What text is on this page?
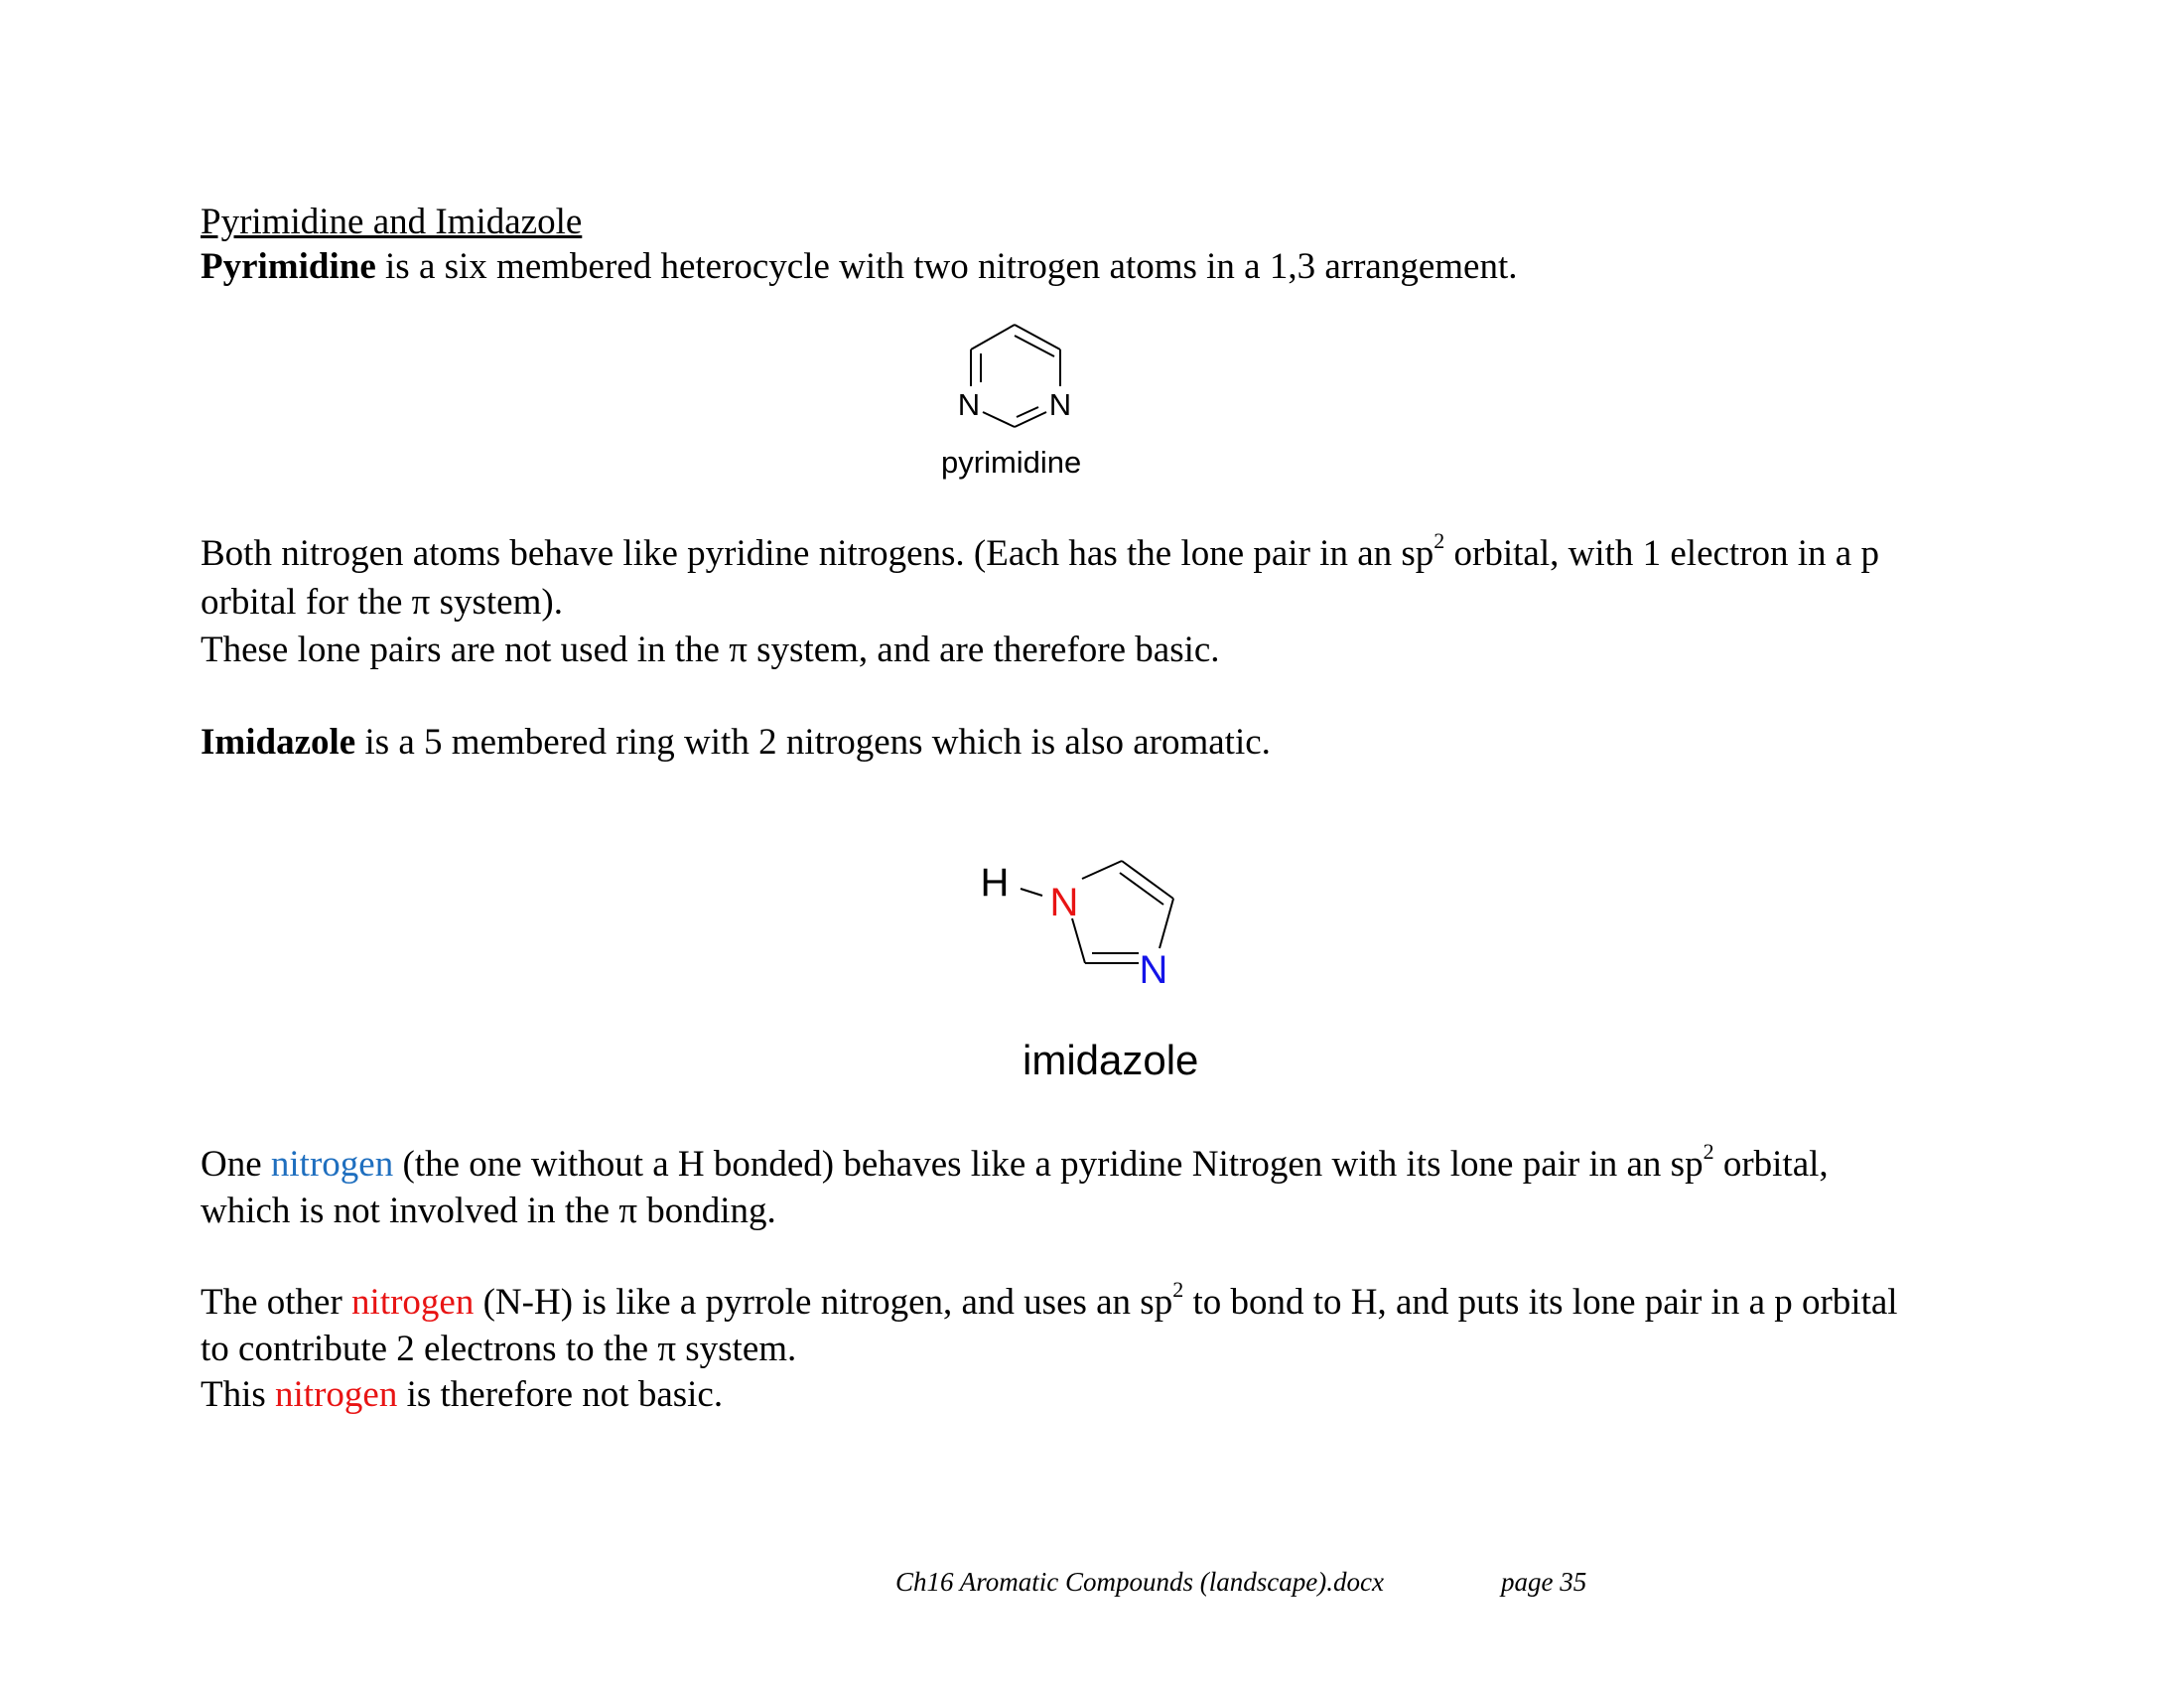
Pyrimidine and Imidazole
Pyrimidine is a six membered heterocycle with two nitrogen atoms in a 1,3 arrangement.
N N
pyrimidine
Both nitrogen atoms behave like pyridine nitrogens. (Each has the lone pair in an $sp^2$ orbital, with 1 electron in a p
orbital for the π system).
These lone pairs are not used in the π system, and are therefore basic.
Imidazole is a 5 membered ring with 2 nitrogens which is also aromatic.
H N
N
imidazole
One nitrogen (the one without a H bonded) behaves like a pyridine Nitrogen with its lone pair in an $sp^2$ orbital,
which is not involved in the π bonding.
The other nitrogen (N-H) is like a pyrrole nitrogen, and uses an $sp^2$ to bond to H, and puts its lone pair in a p orbital
to contribute 2 electrons to the π system.
This nitrogen is therefore not basic.
Ch16 Aromatic Compounds (landscape).docx	page 35
